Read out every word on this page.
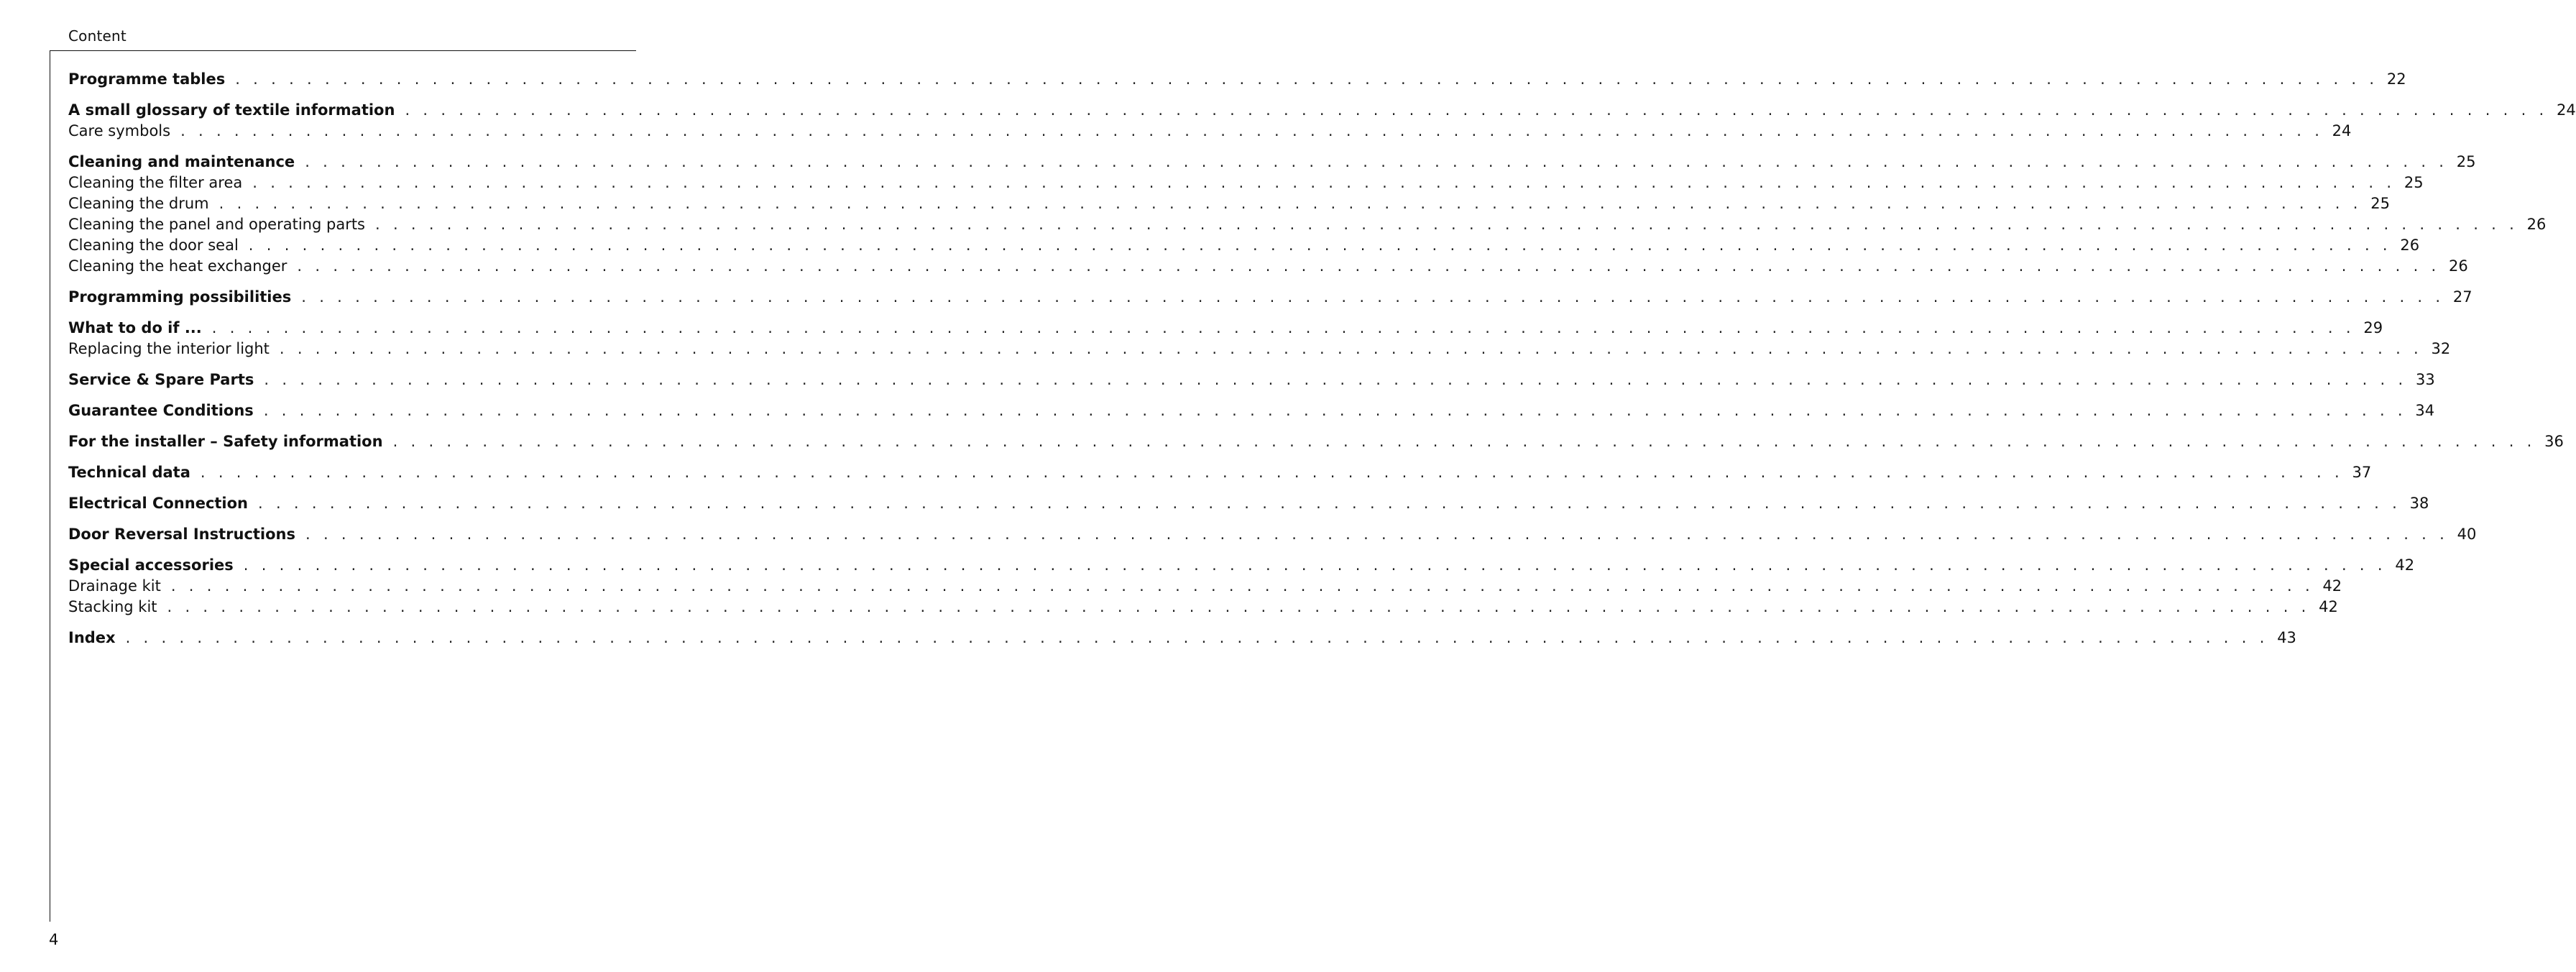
Content
Programme tables . . . . . . . . . . . . . . . . . . . . . . . . . . . . . . . . . . . . . . . . . . . . . . . . . . . . . . . . . . . . . . . . . . . . . . . . . . . . . . . . . . . . . . . . . . . . . . . . . . . . . . . . . . . . . . . . . . . . . . . . 22
A small glossary of textile information . . . . . . . . . . . . . . . . . . . . . . . . . . . . . . . . . . . . . . . . . . . . . . . . . . . . . . . . . . . . . . . . . . . . . . . . . . . . . . . . . . . . . . . . . . . . . . . . . . . . . . . . . . . . . . . . . . . . . . . . 24
Care symbols . . . . . . . . . . . . . . . . . . . . . . . . . . . . . . . . . . . . . . . . . . . . . . . . . . . . . . . . . . . . . . . . . . . . . . . . . . . . . . . . . . . . . . . . . . . . . . . . . . . . . . . . . . . . . . . . . . . . . . . . 24
Cleaning and maintenance . . . . . . . . . . . . . . . . . . . . . . . . . . . . . . . . . . . . . . . . . . . . . . . . . . . . . . . . . . . . . . . . . . . . . . . . . . . . . . . . . . . . . . . . . . . . . . . . . . . . . . . . . . . . . . . . . . . . . . . . 25
Cleaning the filter area . . . . . . . . . . . . . . . . . . . . . . . . . . . . . . . . . . . . . . . . . . . . . . . . . . . . . . . . . . . . . . . . . . . . . . . . . . . . . . . . . . . . . . . . . . . . . . . . . . . . . . . . . . . . . . . . . . . . . . . . 25
Cleaning the drum . . . . . . . . . . . . . . . . . . . . . . . . . . . . . . . . . . . . . . . . . . . . . . . . . . . . . . . . . . . . . . . . . . . . . . . . . . . . . . . . . . . . . . . . . . . . . . . . . . . . . . . . . . . . . . . . . . . . . . . . 25
Cleaning the panel and operating parts . . . . . . . . . . . . . . . . . . . . . . . . . . . . . . . . . . . . . . . . . . . . . . . . . . . . . . . . . . . . . . . . . . . . . . . . . . . . . . . . . . . . . . . . . . . . . . . . . . . . . . . . . . . . . . . . . . . . . . . . 26
Cleaning the door seal . . . . . . . . . . . . . . . . . . . . . . . . . . . . . . . . . . . . . . . . . . . . . . . . . . . . . . . . . . . . . . . . . . . . . . . . . . . . . . . . . . . . . . . . . . . . . . . . . . . . . . . . . . . . . . . . . . . . . . . . 26
Cleaning the heat exchanger . . . . . . . . . . . . . . . . . . . . . . . . . . . . . . . . . . . . . . . . . . . . . . . . . . . . . . . . . . . . . . . . . . . . . . . . . . . . . . . . . . . . . . . . . . . . . . . . . . . . . . . . . . . . . . . . . . . . . . . . 26
Programming possibilities . . . . . . . . . . . . . . . . . . . . . . . . . . . . . . . . . . . . . . . . . . . . . . . . . . . . . . . . . . . . . . . . . . . . . . . . . . . . . . . . . . . . . . . . . . . . . . . . . . . . . . . . . . . . . . . . . . . . . . . . 27
What to do if ... . . . . . . . . . . . . . . . . . . . . . . . . . . . . . . . . . . . . . . . . . . . . . . . . . . . . . . . . . . . . . . . . . . . . . . . . . . . . . . . . . . . . . . . . . . . . . . . . . . . . . . . . . . . . . . . . . . . . . . . . 29
Replacing the interior light . . . . . . . . . . . . . . . . . . . . . . . . . . . . . . . . . . . . . . . . . . . . . . . . . . . . . . . . . . . . . . . . . . . . . . . . . . . . . . . . . . . . . . . . . . . . . . . . . . . . . . . . . . . . . . . . . . . . . . . . 32
Service & Spare Parts . . . . . . . . . . . . . . . . . . . . . . . . . . . . . . . . . . . . . . . . . . . . . . . . . . . . . . . . . . . . . . . . . . . . . . . . . . . . . . . . . . . . . . . . . . . . . . . . . . . . . . . . . . . . . . . . . . . . . . . . 33
Guarantee Conditions . . . . . . . . . . . . . . . . . . . . . . . . . . . . . . . . . . . . . . . . . . . . . . . . . . . . . . . . . . . . . . . . . . . . . . . . . . . . . . . . . . . . . . . . . . . . . . . . . . . . . . . . . . . . . . . . . . . . . . . . 34
For the installer – Safety information . . . . . . . . . . . . . . . . . . . . . . . . . . . . . . . . . . . . . . . . . . . . . . . . . . . . . . . . . . . . . . . . . . . . . . . . . . . . . . . . . . . . . . . . . . . . . . . . . . . . . . . . . . . . . . . . . . . . . . . . 36
Technical data . . . . . . . . . . . . . . . . . . . . . . . . . . . . . . . . . . . . . . . . . . . . . . . . . . . . . . . . . . . . . . . . . . . . . . . . . . . . . . . . . . . . . . . . . . . . . . . . . . . . . . . . . . . . . . . . . . . . . . . . 37
Electrical Connection . . . . . . . . . . . . . . . . . . . . . . . . . . . . . . . . . . . . . . . . . . . . . . . . . . . . . . . . . . . . . . . . . . . . . . . . . . . . . . . . . . . . . . . . . . . . . . . . . . . . . . . . . . . . . . . . . . . . . . . . 38
Door Reversal Instructions . . . . . . . . . . . . . . . . . . . . . . . . . . . . . . . . . . . . . . . . . . . . . . . . . . . . . . . . . . . . . . . . . . . . . . . . . . . . . . . . . . . . . . . . . . . . . . . . . . . . . . . . . . . . . . . . . . . . . . . . 40
Special accessories . . . . . . . . . . . . . . . . . . . . . . . . . . . . . . . . . . . . . . . . . . . . . . . . . . . . . . . . . . . . . . . . . . . . . . . . . . . . . . . . . . . . . . . . . . . . . . . . . . . . . . . . . . . . . . . . . . . . . . . . 42
Drainage kit . . . . . . . . . . . . . . . . . . . . . . . . . . . . . . . . . . . . . . . . . . . . . . . . . . . . . . . . . . . . . . . . . . . . . . . . . . . . . . . . . . . . . . . . . . . . . . . . . . . . . . . . . . . . . . . . . . . . . . . . 42
Stacking kit . . . . . . . . . . . . . . . . . . . . . . . . . . . . . . . . . . . . . . . . . . . . . . . . . . . . . . . . . . . . . . . . . . . . . . . . . . . . . . . . . . . . . . . . . . . . . . . . . . . . . . . . . . . . . . . . . . . . . . . . 42
Index . . . . . . . . . . . . . . . . . . . . . . . . . . . . . . . . . . . . . . . . . . . . . . . . . . . . . . . . . . . . . . . . . . . . . . . . . . . . . . . . . . . . . . . . . . . . . . . . . . . . . . . . . . . . . . . . . . . . . . . . 43
4
